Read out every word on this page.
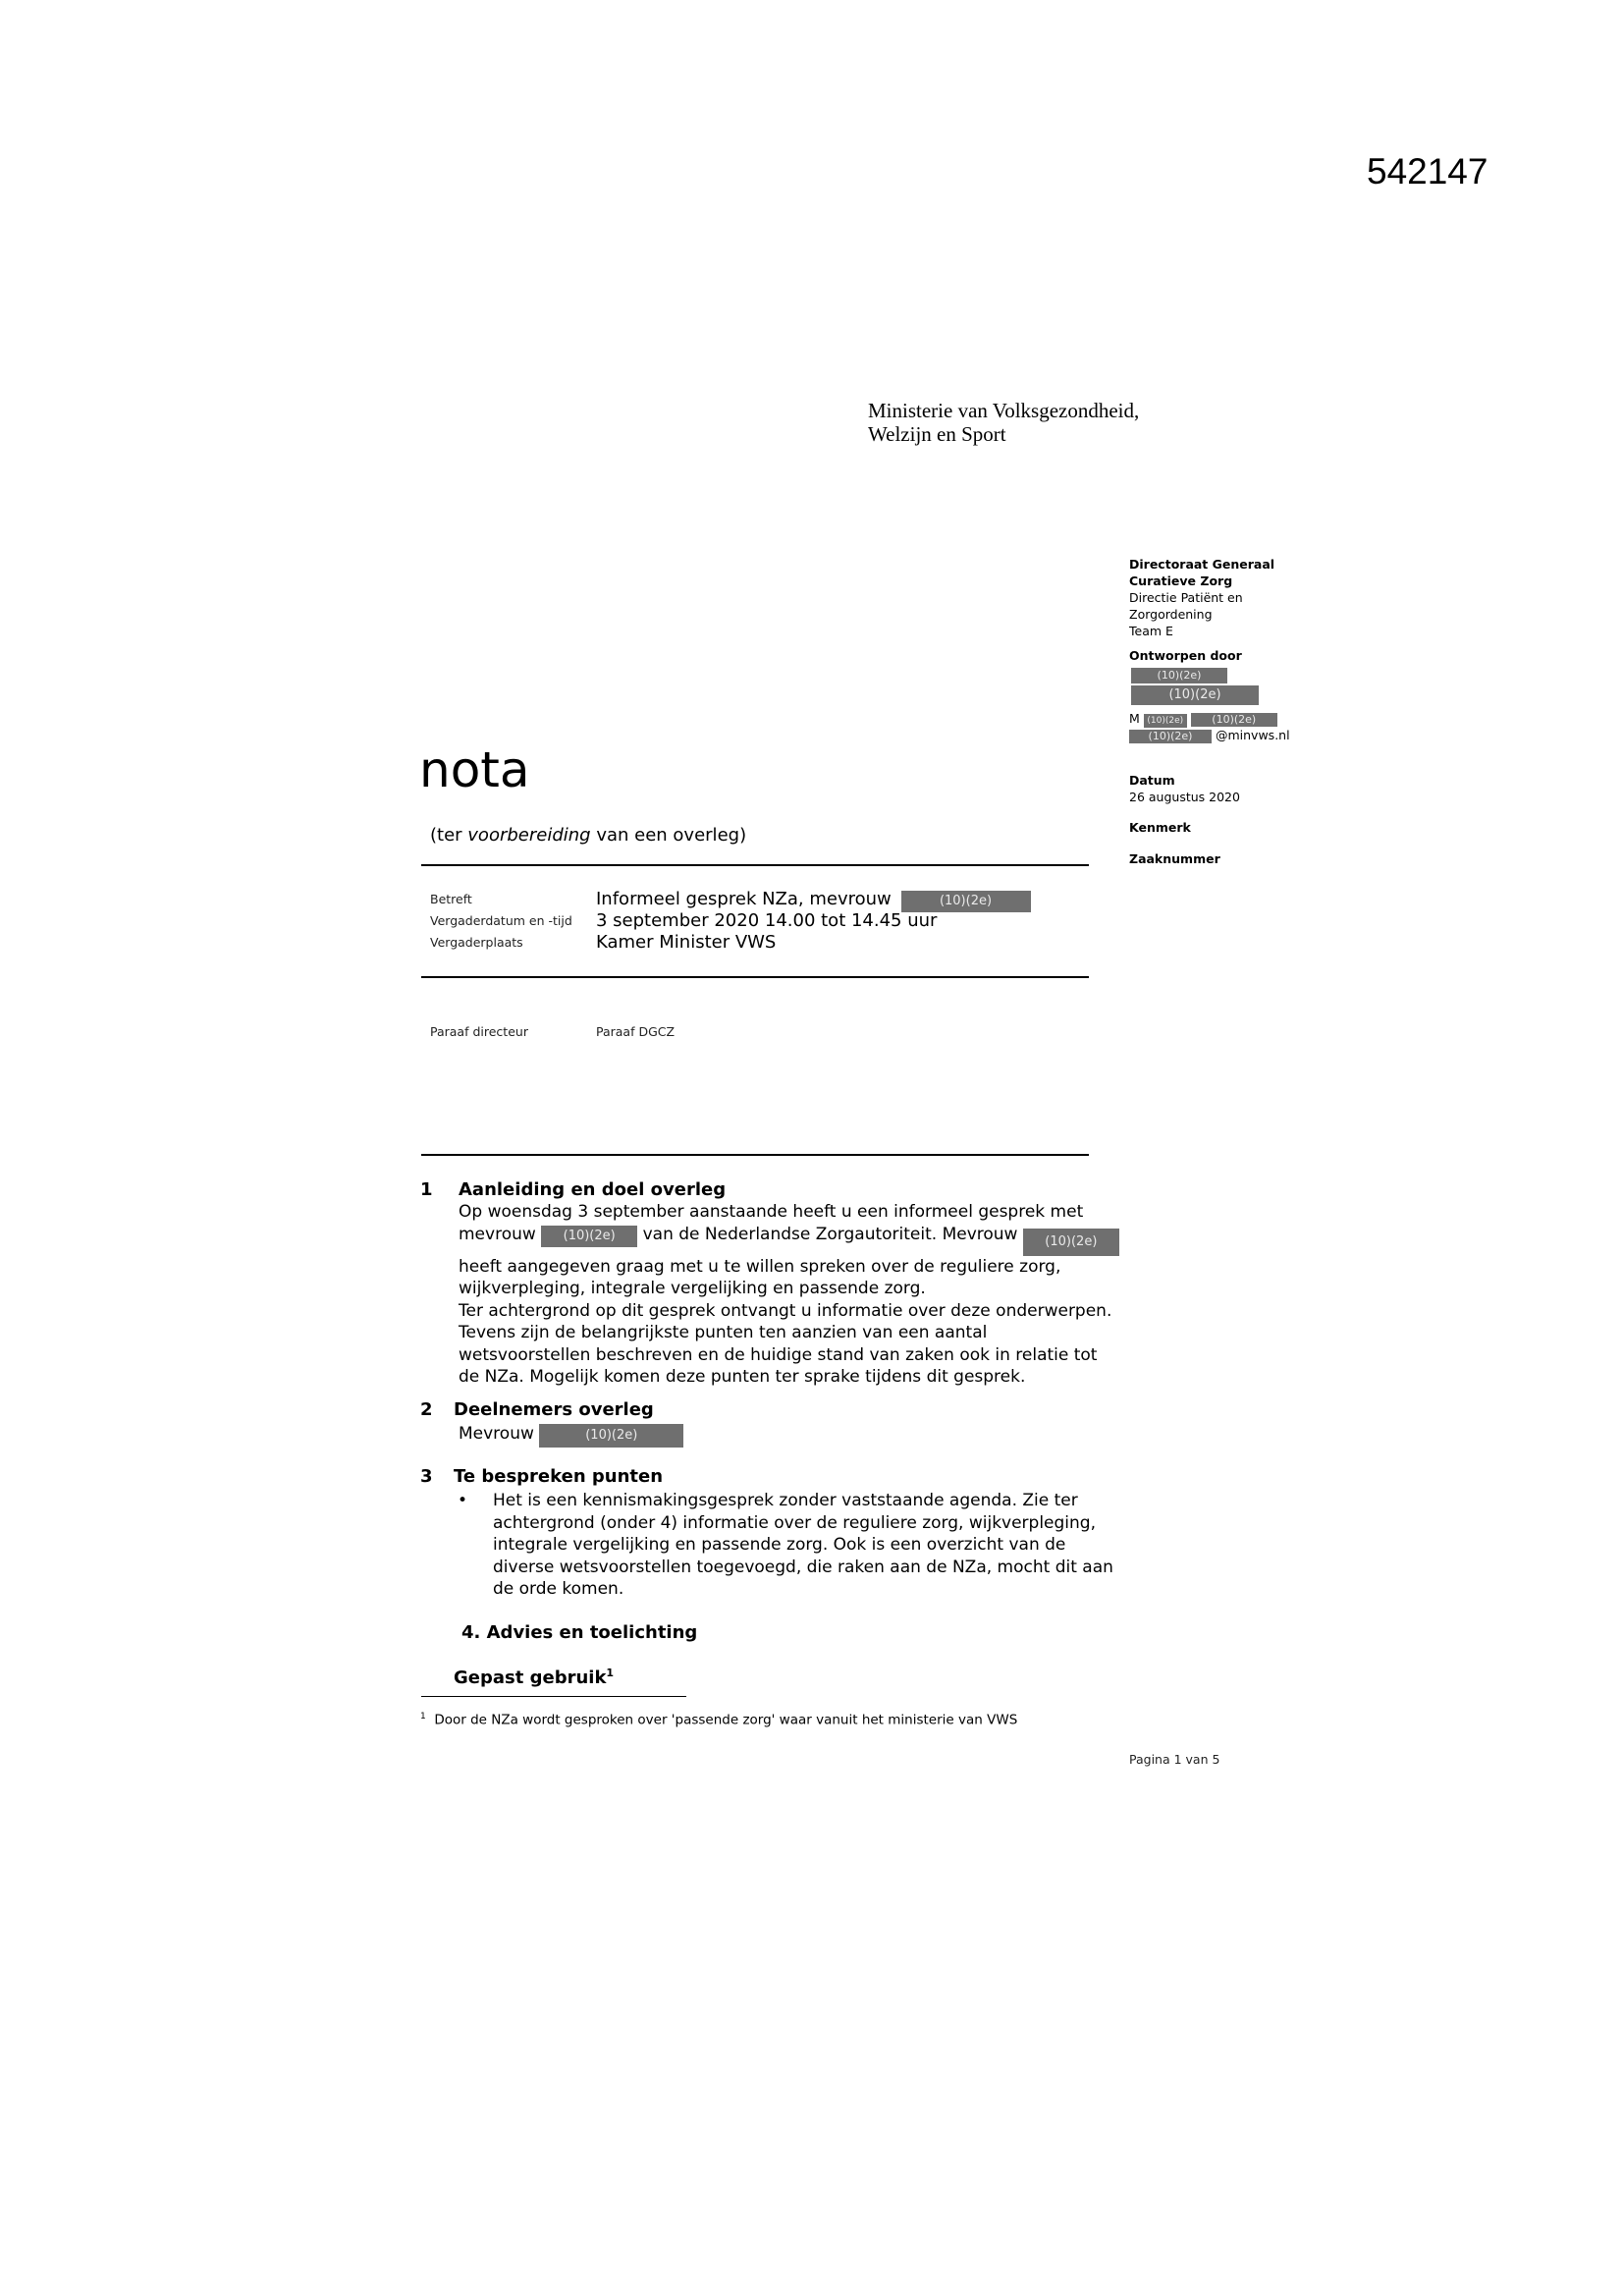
542147
Ministerie van Volksgezondheid,
Welzijn en Sport
Directoraat Generaal
Curatieve Zorg
Directie Patiënt en
Zorgordening
Team E
Ontworpen door
(10)(2e)
(10)(2e)
M (10)(2e)	(10)(2e)
(10)(2e) @minvws.nl
Datum
26 augustus 2020
Kenmerk
Zaaknummer
nota
(ter voorbereiding van een overleg)
Betreft	Informeel gesprek NZa, mevrouw	(10)(2e)
Vergaderdatum en -tijd 3 september 2020 14.00 tot 14.45 uur
Vergaderplaats	Kamer Minister VWS
Paraaf directeur	Paraaf DGCZ
1 Aanleiding en doel overleg
Op woensdag 3 september aanstaande heeft u een informeel gesprek met
mevrouw (10)(2e) van de Nederlandse Zorgautoriteit. Mevrouw (10)(2e)
heeft aangegeven graag met u te willen spreken over de reguliere zorg,
wijkverpleging, integrale vergelijking en passende zorg.
Ter achtergrond op dit gesprek ontvangt u informatie over deze onderwerpen.
Tevens zijn de belangrijkste punten ten aanzien van een aantal
wetsvoorstellen beschreven en de huidige stand van zaken ook in relatie tot
de NZa. Mogelijk komen deze punten ter sprake tijdens dit gesprek.
2 Deelnemers overleg
Mevrouw	(10)(2e)
3 Te bespreken punten
• Het is een kennismakingsgesprek zonder vaststaande agenda. Zie ter
achtergrond (onder 4) informatie over de reguliere zorg, wijkverpleging,
integrale vergelijking en passende zorg. Ook is een overzicht van de
diverse wetsvoorstellen toegevoegd, die raken aan de NZa, mocht dit aan
de orde komen.
4. Advies en toelichting
Gepast gebruik$^1$
$^1$ Door de NZa wordt gesproken over 'passende zorg' waar vanuit het ministerie van VWS
Pagina 1 van 5
